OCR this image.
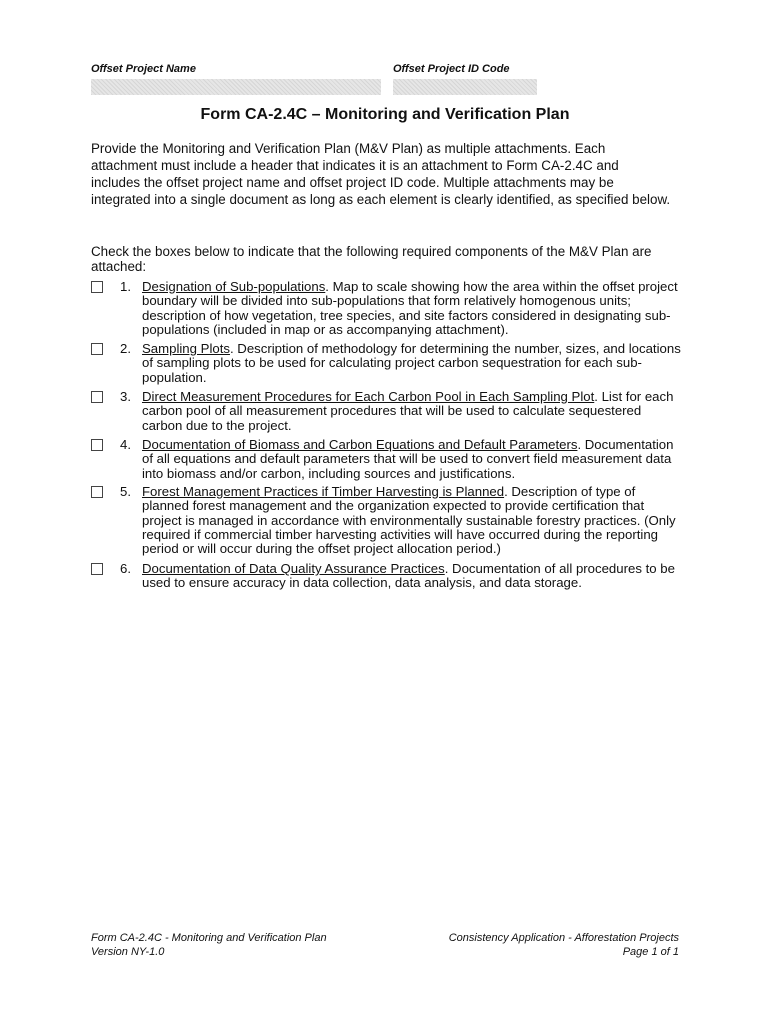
Offset Project Name	Offset Project ID Code
Form CA-2.4C – Monitoring and Verification Plan
Provide the Monitoring and Verification Plan (M&V Plan) as multiple attachments. Each attachment must include a header that indicates it is an attachment to Form CA-2.4C and includes the offset project name and offset project ID code. Multiple attachments may be integrated into a single document as long as each element is clearly identified, as specified below.
Check the boxes below to indicate that the following required components of the M&V Plan are attached:
1. Designation of Sub-populations. Map to scale showing how the area within the offset project boundary will be divided into sub-populations that form relatively homogenous units; description of how vegetation, tree species, and site factors considered in designating sub-populations (included in map or as accompanying attachment).
2. Sampling Plots. Description of methodology for determining the number, sizes, and locations of sampling plots to be used for calculating project carbon sequestration for each sub-population.
3. Direct Measurement Procedures for Each Carbon Pool in Each Sampling Plot. List for each carbon pool of all measurement procedures that will be used to calculate sequestered carbon due to the project.
4. Documentation of Biomass and Carbon Equations and Default Parameters. Documentation of all equations and default parameters that will be used to convert field measurement data into biomass and/or carbon, including sources and justifications.
5. Forest Management Practices if Timber Harvesting is Planned. Description of type of planned forest management and the organization expected to provide certification that project is managed in accordance with environmentally sustainable forestry practices. (Only required if commercial timber harvesting activities will have occurred during the reporting period or will occur during the offset project allocation period.)
6. Documentation of Data Quality Assurance Practices. Documentation of all procedures to be used to ensure accuracy in data collection, data analysis, and data storage.
Form CA-2.4C - Monitoring and Verification Plan
Version NY-1.0
Consistency Application - Afforestation Projects
Page 1 of 1
